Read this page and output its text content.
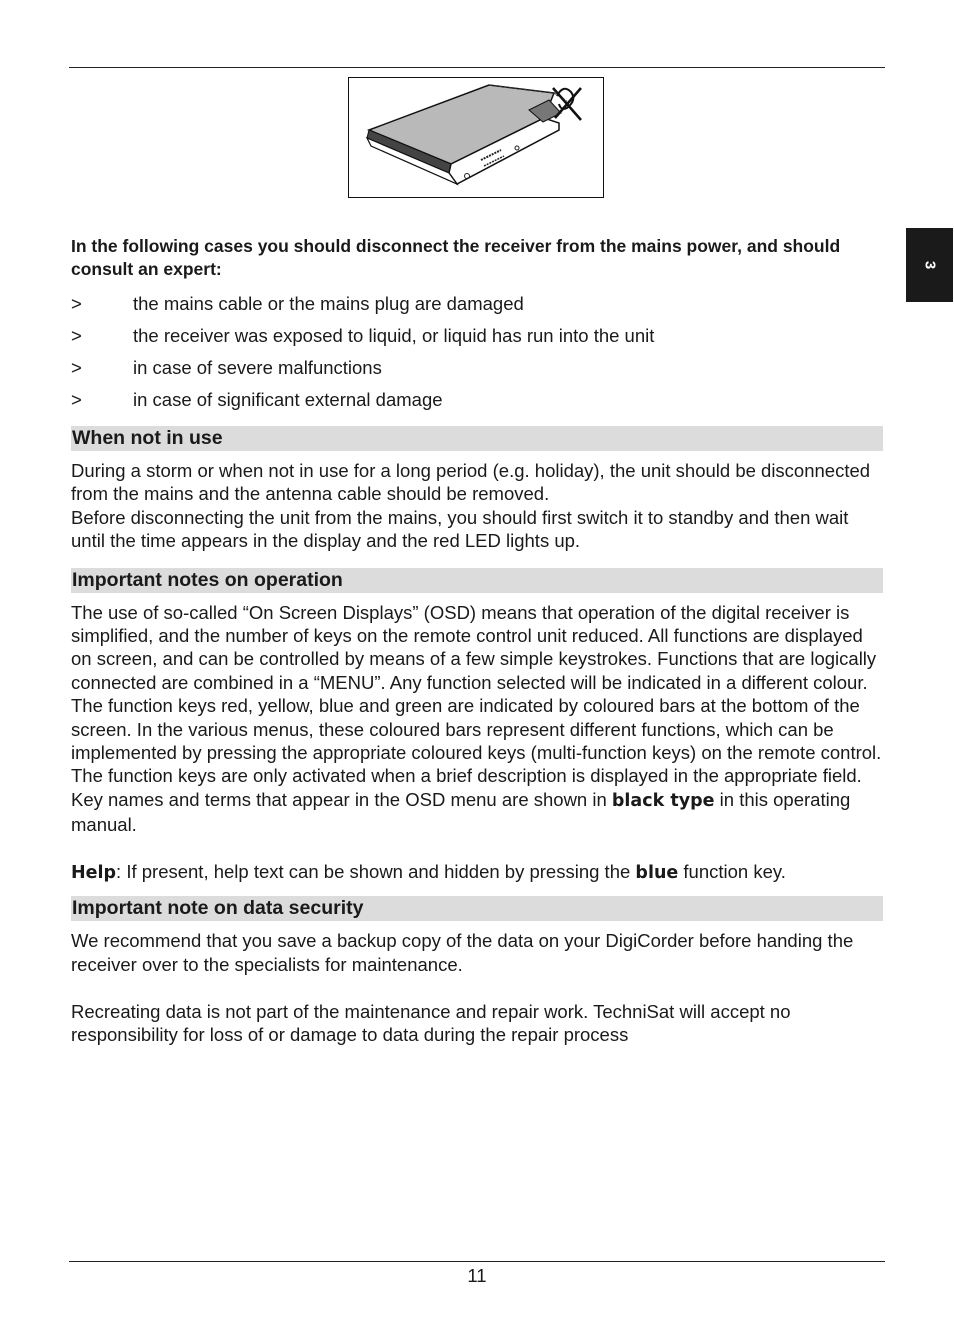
3

In the following cases you should disconnect the receiver from the mains power, and should consult an expert:

>	the mains cable or the mains plug are damaged
>	the receiver was exposed to liquid, or liquid has run into the unit
>	in case of severe malfunctions
>	in case of significant external damage
When not in use

During a storm or when not in use for a long period (e.g. holiday), the unit should be disconnected from the mains and the antenna cable should be removed.

Before disconnecting the unit from the mains, you should first switch it to standby and then wait until the time appears in the display and the red LED lights up.

Important notes on operation

The use of so-called “On Screen Displays” (OSD) means that operation of the digital receiver is simplified, and the number of keys on the remote control unit reduced. All functions are displayed on screen, and can be controlled by means of a few simple keystrokes. Functions that are logically connected are combined in a “MENU”. Any function selected will be indicated in a different colour. The function keys red, yellow, blue and green are indicated by coloured bars at the bottom of the screen. In the various menus, these coloured bars represent different functions, which can be implemented by pressing the appropriate coloured keys (multi-function keys) on the remote control. The function keys are only activated when a brief description is displayed in the appropriate field.

Key names and terms that appear in the OSD menu are shown in black type in this operating manual.

Help: If present, help text can be shown and hidden by pressing the blue function key.

Important note on data security

We recommend that you save a backup copy of the data on your DigiCorder before handing the receiver over to the specialists for maintenance.

Recreating data is not part of the maintenance and repair work. TechniSat will accept no responsibility for loss of or damage to data during the repair process

11
